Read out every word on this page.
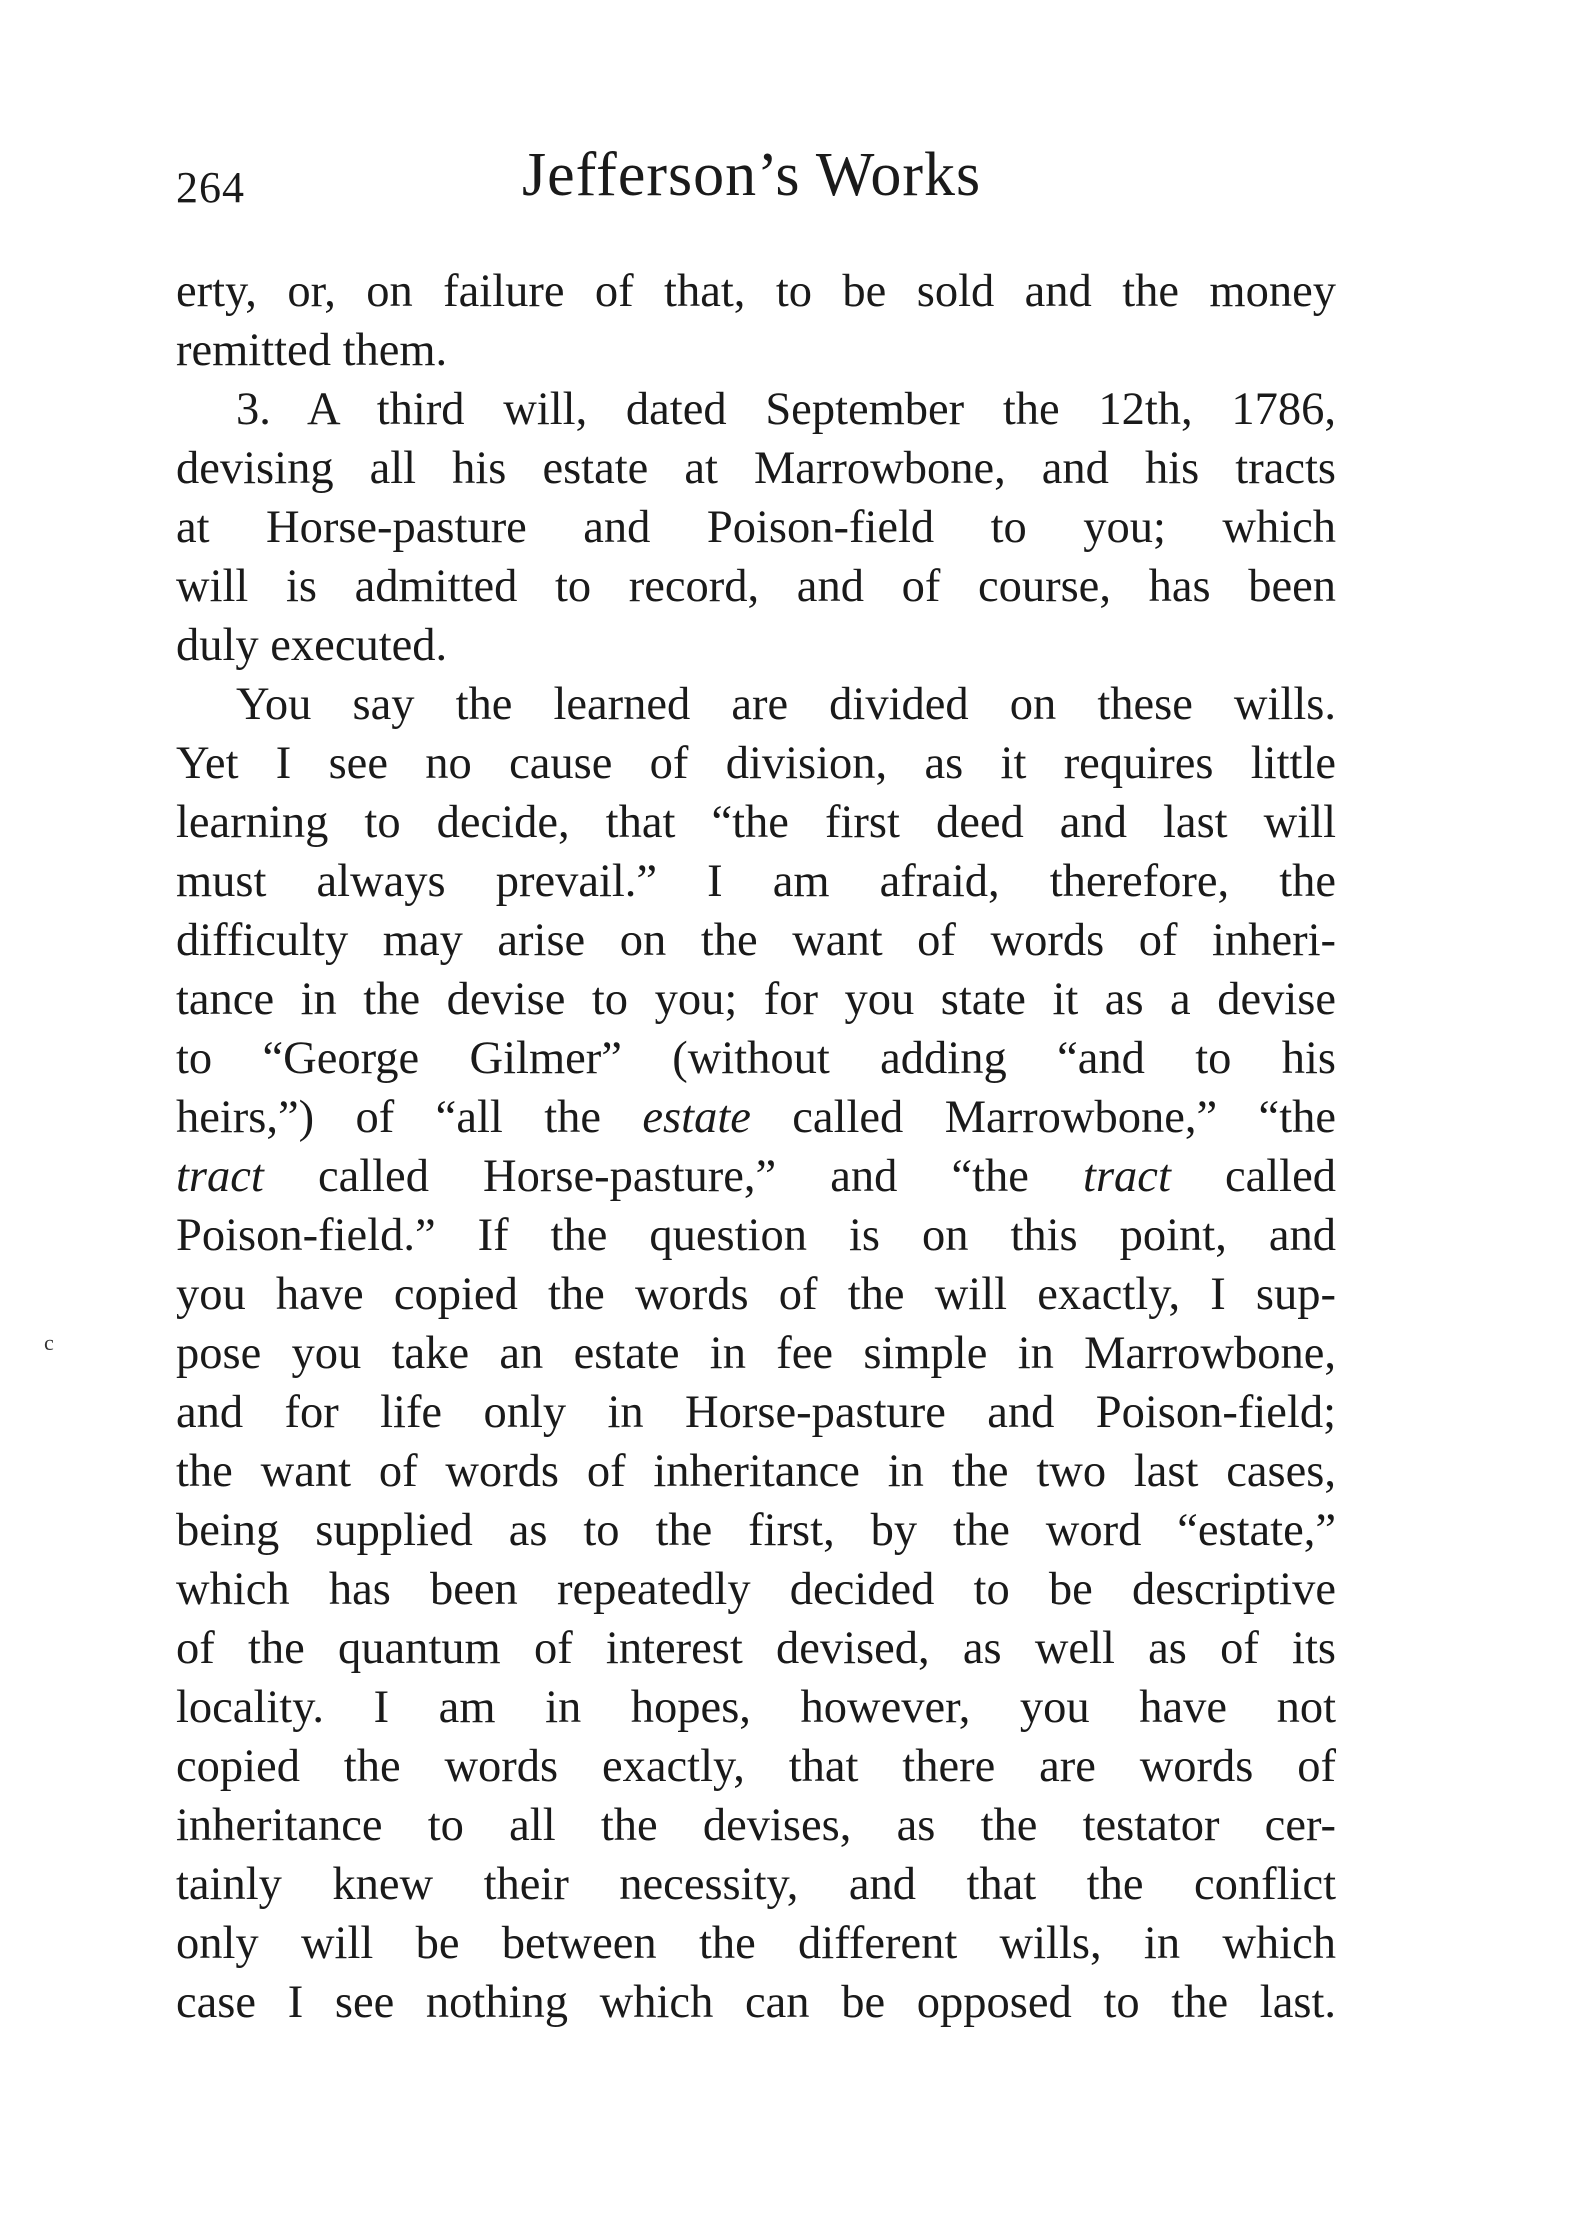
264	Jefferson’s Works
c
erty, or, on failure of that, to be sold and the money
remitted them.
3. A third will, dated September the 12th, 1786,
devising all his estate at Marrowbone, and his tracts
at Horse-pasture and Poison-field to you; which
will is admitted to record, and of course, has been
duly executed.
You say the learned are divided on these wills.
Yet I see no cause of division, as it requires little
learning to decide, that “the first deed and last will
must always prevail.” I am afraid, therefore, the
difficulty may arise on the want of words of inheri-
tance in the devise to you; for you state it as a devise
to “George Gilmer” (without adding “and to his
heirs,”) of “all the estate called Marrowbone,” “the
tract called Horse-pasture,” and “the tract called
Poison-field.” If the question is on this point, and
you have copied the words of the will exactly, I sup-
pose you take an estate in fee simple in Marrowbone,
and for life only in Horse-pasture and Poison-field;
the want of words of inheritance in the two last cases,
being supplied as to the first, by the word “estate,”
which has been repeatedly decided to be descriptive
of the quantum of interest devised, as well as of its
locality. I am in hopes, however, you have not
copied the words exactly, that there are words of
inheritance to all the devises, as the testator cer-
tainly knew their necessity, and that the conflict
only will be between the different wills, in which
case I see nothing which can be opposed to the last.
